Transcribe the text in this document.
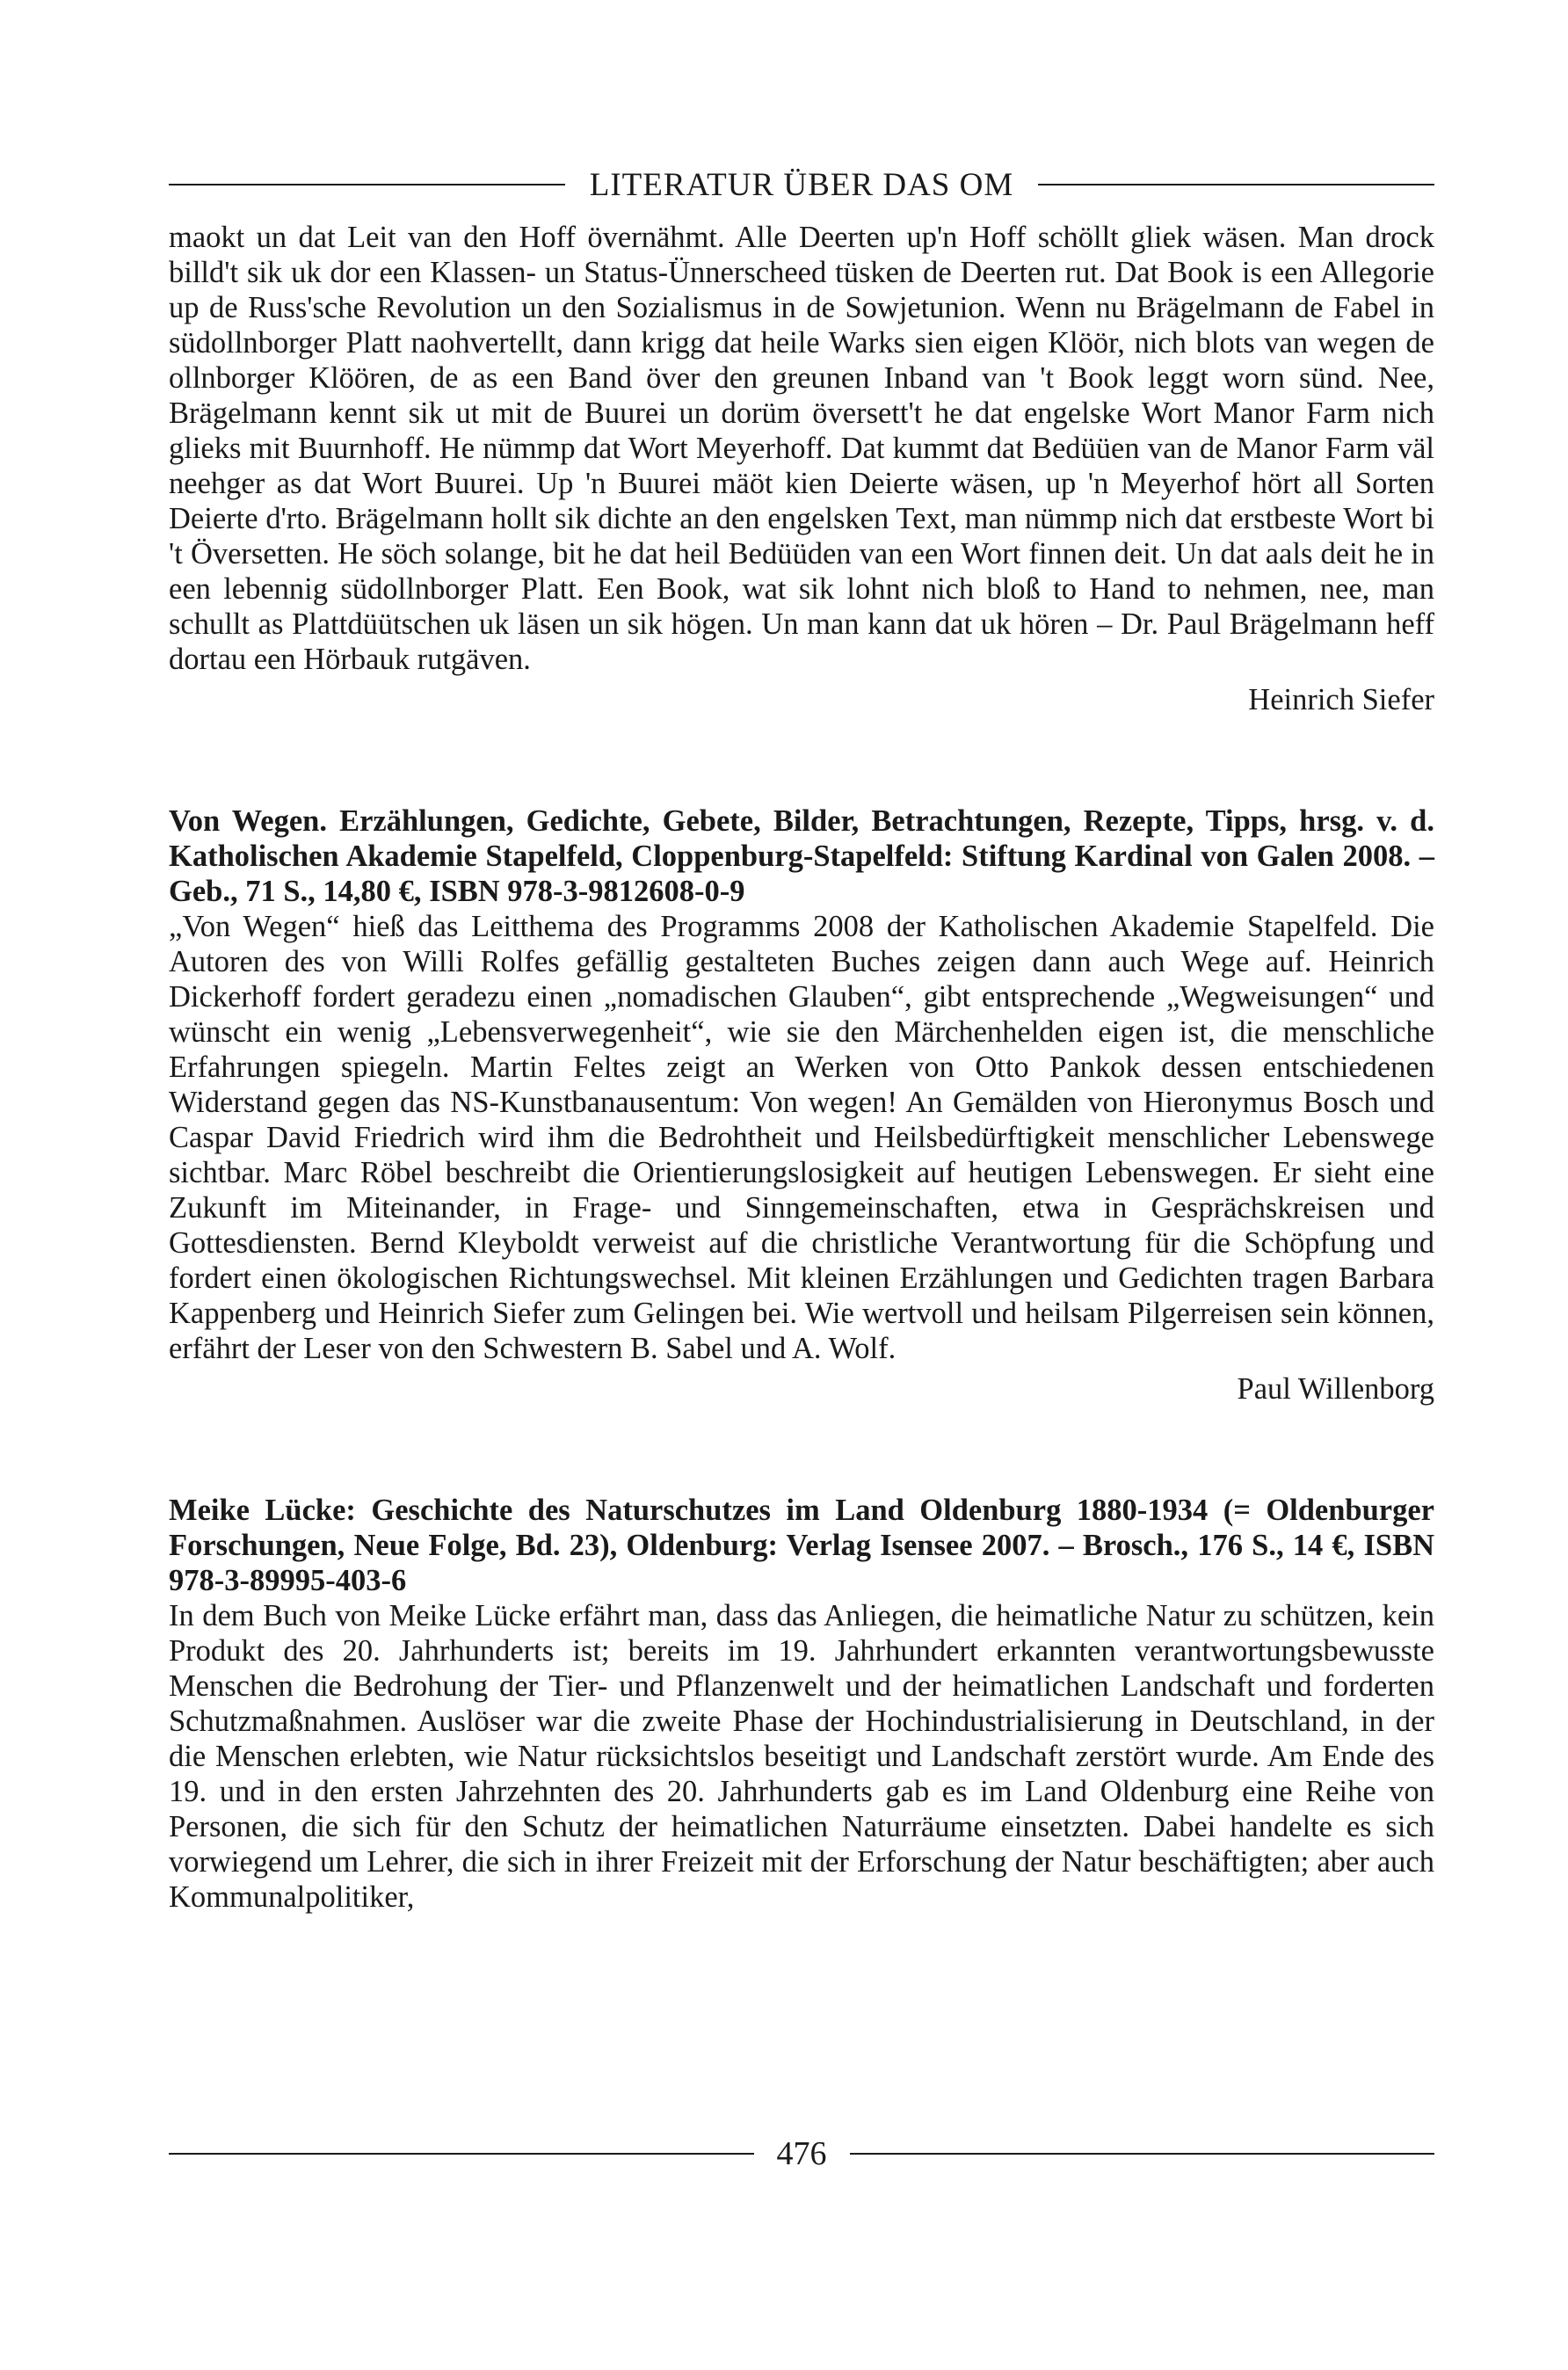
LITERATUR ÜBER DAS OM

maokt un dat Leit van den Hoff övernähmt. Alle Deerten up'n Hoff schöllt gliek wäsen. Man drock billd't sik uk dor een Klassen- un Status-Ünnerscheed tüsken de Deerten rut. Dat Book is een Allegorie up de Russ'sche Revolution un den Sozialismus in de Sowjetunion. Wenn nu Brägelmann de Fabel in südollnborger Platt naohvertellt, dann krigg dat heile Warks sien eigen Klöör, nich blots van wegen de ollnborger Klöören, de as een Band över den greunen Inband van 't Book leggt worn sünd. Nee, Brägelmann kennt sik ut mit de Buurei un dorüm översett't he dat engelske Wort Manor Farm nich glieks mit Buurnhoff. He nümmp dat Wort Meyerhoff. Dat kummt dat Bedüüen van de Manor Farm väl neehger as dat Wort Buurei. Up 'n Buurei mäöt kien Deierte wäsen, up 'n Meyerhof hört all Sorten Deierte d'rto. Brägelmann hollt sik dichte an den engelsken Text, man nümmp nich dat erstbeste Wort bi 't Översetten. He söch solange, bit he dat heil Bedüüden van een Wort finnen deit. Un dat aals deit he in een lebennig südollnborger Platt. Een Book, wat sik lohnt nich bloß to Hand to nehmen, nee, man schullt as Plattdüütschen uk läsen un sik högen. Un man kann dat uk hören – Dr. Paul Brägelmann heff dortau een Hörbauk rutgäven.

Heinrich Siefer

Von Wegen. Erzählungen, Gedichte, Gebete, Bilder, Betrachtungen, Rezepte, Tipps, hrsg. v. d. Katholischen Akademie Stapelfeld, Cloppenburg-Stapelfeld: Stiftung Kardinal von Galen 2008. – Geb., 71 S., 14,80 €, ISBN 978-3-9812608-0-9

„Von Wegen“ hieß das Leitthema des Programms 2008 der Katholischen Akademie Stapelfeld. Die Autoren des von Willi Rolfes gefällig gestalteten Buches zeigen dann auch Wege auf. Heinrich Dickerhoff fordert geradezu einen „nomadischen Glauben“, gibt entsprechende „Wegweisungen“ und wünscht ein wenig „Lebensverwegenheit“, wie sie den Märchenhelden eigen ist, die menschliche Erfahrungen spiegeln. Martin Feltes zeigt an Werken von Otto Pankok dessen entschiedenen Widerstand gegen das NS-Kunstbanausentum: Von wegen! An Gemälden von Hieronymus Bosch und Caspar David Friedrich wird ihm die Bedrohtheit und Heilsbedürftigkeit menschlicher Lebenswege sichtbar. Marc Röbel beschreibt die Orientierungslosigkeit auf heutigen Lebenswegen. Er sieht eine Zukunft im Miteinander, in Frage- und Sinngemeinschaften, etwa in Gesprächskreisen und Gottesdiensten. Bernd Kleyboldt verweist auf die christliche Verantwortung für die Schöpfung und fordert einen ökologischen Richtungswechsel. Mit kleinen Erzählungen und Gedichten tragen Barbara Kappenberg und Heinrich Siefer zum Gelingen bei. Wie wertvoll und heilsam Pilgerreisen sein können, erfährt der Leser von den Schwestern B. Sabel und A. Wolf.

Paul Willenborg

Meike Lücke: Geschichte des Naturschutzes im Land Oldenburg 1880-1934 (= Oldenburger Forschungen, Neue Folge, Bd. 23), Oldenburg: Verlag Isensee 2007. – Brosch., 176 S., 14 €, ISBN 978-3-89995-403-6

In dem Buch von Meike Lücke erfährt man, dass das Anliegen, die heimatliche Natur zu schützen, kein Produkt des 20. Jahrhunderts ist; bereits im 19. Jahrhundert erkannten verantwortungsbewusste Menschen die Bedrohung der Tier- und Pflanzenwelt und der heimatlichen Landschaft und forderten Schutzmaßnahmen. Auslöser war die zweite Phase der Hochindustrialisierung in Deutschland, in der die Menschen erlebten, wie Natur rücksichtslos beseitigt und Landschaft zerstört wurde. Am Ende des 19. und in den ersten Jahrzehnten des 20. Jahrhunderts gab es im Land Oldenburg eine Reihe von Personen, die sich für den Schutz der heimatlichen Naturräume einsetzten. Dabei handelte es sich vorwiegend um Lehrer, die sich in ihrer Freizeit mit der Erforschung der Natur beschäftigten; aber auch Kommunalpolitiker,

476
